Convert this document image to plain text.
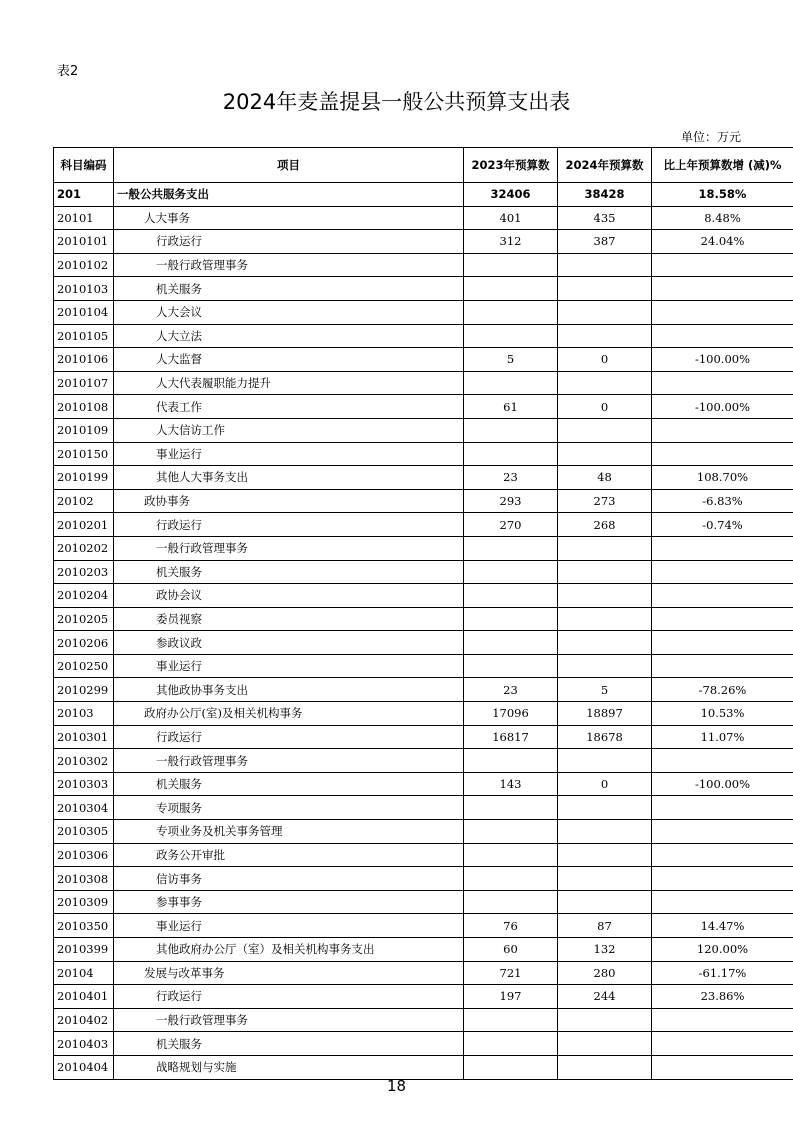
表2
2024年麦盖提县一般公共预算支出表
单位：万元
科目编码	项目	2023年预算数	2024年预算数	比上年预算数增 (减)%
201	一般公共服务支出	32406	38428	18.58%
20101	人大事务	401	435	8.48%
2010101	行政运行	312	387	24.04%
2010102	一般行政管理事务			
2010103	机关服务			
2010104	人大会议			
2010105	人大立法			
2010106	人大监督	5	0	-100.00%
2010107	人大代表履职能力提升			
2010108	代表工作	61	0	-100.00%
2010109	人大信访工作			
2010150	事业运行			
2010199	其他人大事务支出	23	48	108.70%
20102	政协事务	293	273	-6.83%
2010201	行政运行	270	268	-0.74%
2010202	一般行政管理事务			
2010203	机关服务			
2010204	政协会议			
2010205	委员视察			
2010206	参政议政			
2010250	事业运行			
2010299	其他政协事务支出	23	5	-78.26%
20103	政府办公厅(室)及相关机构事务	17096	18897	10.53%
2010301	行政运行	16817	18678	11.07%
2010302	一般行政管理事务			
2010303	机关服务	143	0	-100.00%
2010304	专项服务			
2010305	专项业务及机关事务管理			
2010306	政务公开审批			
2010308	信访事务			
2010309	参事事务			
2010350	事业运行	76	87	14.47%
2010399	其他政府办公厅（室）及相关机构事务支出	60	132	120.00%
20104	发展与改革事务	721	280	-61.17%
2010401	行政运行	197	244	23.86%
2010402	一般行政管理事务			
2010403	机关服务			
2010404	战略规划与实施			
18
